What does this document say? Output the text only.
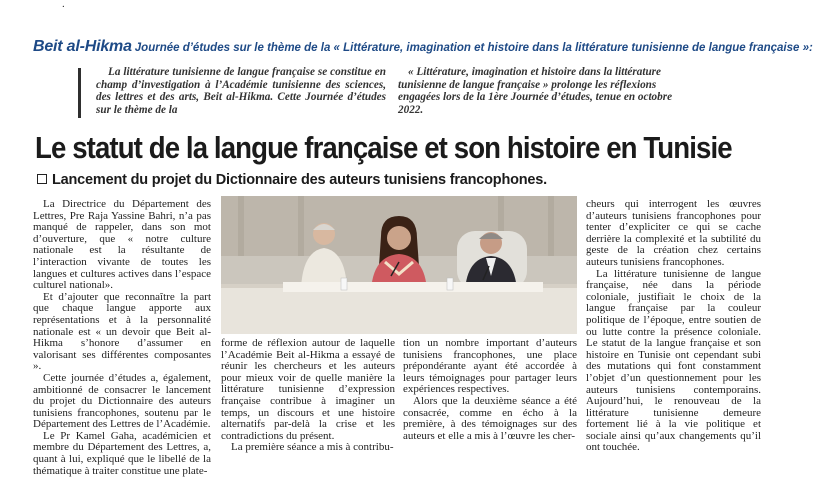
.
Beit al-Hikma Journée d’études sur le thème de la « Littérature, imagination et histoire dans la littérature tunisienne de langue française »:
La littérature tunisienne de langue française se constitue en champ d’investigation à l’Académie tunisienne des sciences, des lettres et des arts, Beit al-Hikma. Cette Journée d’études sur le thème de la
« Littérature, imagination et histoire dans la littérature tunisienne de langue française » prolonge les réflexions engagées lors de la 1ère Journée d’études, tenue en octobre 2022.
Le statut de la langue française et son histoire en Tunisie
Lancement du projet du Dictionnaire des auteurs tunisiens francophones.

La Directrice du Département des Lettres, Pre Raja Yassine Bahri, n’a pas manqué de rappeler, dans son mot d’ouverture, que « notre culture nationale est la résultante de l’interaction vivante de toutes les langues et cultures actives dans l’espace culturel national».

Et d’ajouter que reconnaître la part que chaque langue apporte aux représentations et à la personnalité nationale est « un devoir que Beit al-Hikma s’honore d’assumer en valorisant ses différentes composantes ».

Cette journée d’études a, également, ambitionné de consacrer le lancement du projet du Dictionnaire des auteurs tunisiens francophones, soutenu par le Département des Lettres de l’Académie.

Le Pr Kamel Gaha, académicien et membre du Département des Lettres, a, quant à lui, expliqué que le libellé de la thématique à traiter constitue une plate-

forme de réflexion autour de laquelle l’Académie Beit al-Hikma a essayé de réunir les chercheurs et les auteurs pour mieux voir de quelle manière la littérature tunisienne d’expression française contribue à imaginer un temps, un discours et une histoire alternatifs par-delà la crise et les contradictions du présent.

La première séance a mis à contribu-

tion un nombre important d’auteurs tunisiens francophones, une place prépondérante ayant été accordée à leurs témoignages pour partager leurs expériences respectives.

Alors que la deuxième séance a été consacrée, comme en écho à la première, à des témoignages sur des auteurs et elle a mis à l’œuvre les cher-

cheurs qui interrogent les œuvres d’auteurs tunisiens francophones pour tenter d’expliciter ce qui se cache derrière la complexité et la subtilité du geste de la création chez certains auteurs tunisiens francophones.

La littérature tunisienne de langue française, née dans la période coloniale, justifiait le choix de la langue française par la couleur politique de l’époque, entre soutien de ou lutte contre la présence coloniale. Le statut de la langue française et son histoire en Tunisie ont cependant subi des mutations qui font constamment l’objet d’un questionnement pour les auteurs tunisiens contemporains. Aujourd’hui, le renouveau de la littérature tunisienne demeure fortement lié à la vie politique et sociale ainsi qu’aux changements qu’il ont touchée.
